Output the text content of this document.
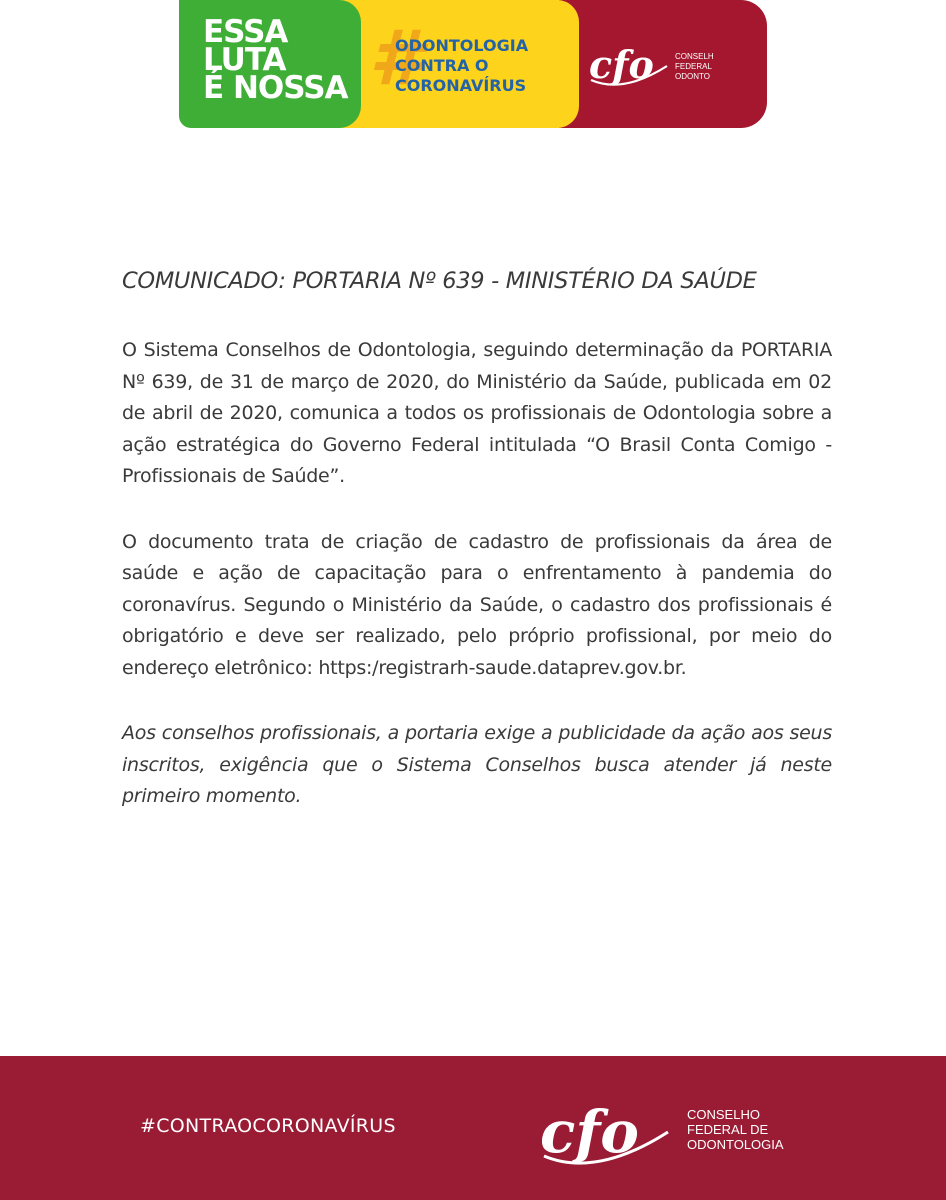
ESSA
LUTA
É NOSSA #

ODONTOLOGIA
CONTRA O
CORONAVÍRUS cfo	CONSELH
FEDERAL
ODONTO
COMUNICADO: PORTARIA Nº 639 - MINISTÉRIO DA SAÚDE

O Sistema Conselhos de Odontologia, seguindo determinação da PORTARIA Nº 639, de 31 de março de 2020, do Ministério da Saúde, publicada em 02 de abril de 2020, comunica a todos os profissionais de Odontologia sobre a ação estratégica do Governo Federal intitulada “O Brasil Conta Comigo - Profissionais de Saúde”.

O documento trata de criação de cadastro de profissionais da área de saúde e ação de capacitação para o enfrentamento à pandemia do coronavírus. Segundo o Ministério da Saúde, o cadastro dos profissionais é obrigatório e deve ser realizado, pelo próprio profissional, por meio do endereço eletrônico: https:/registrarh-saude.dataprev.gov.br.

Aos conselhos profissionais, a portaria exige a publicidade da ação aos seus inscritos, exigência que o Sistema Conselhos busca atender já neste primeiro momento.

#CONTRAOCORONAVÍRUS cfo	CONSELHO
FEDERAL DE
ODONTOLOGIA
